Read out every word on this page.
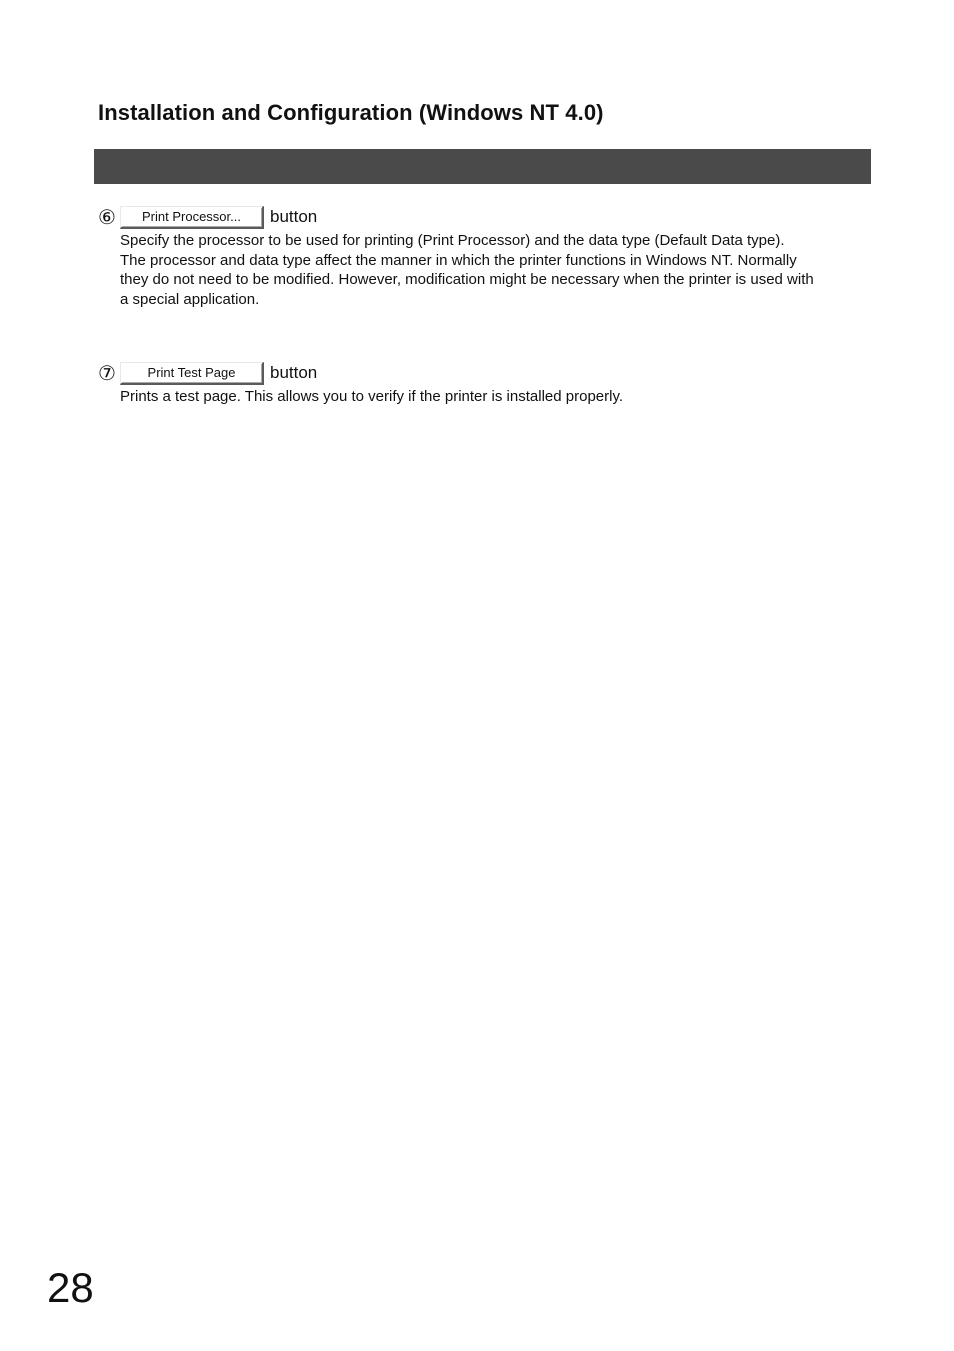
Installation and Configuration (Windows NT 4.0)
⑥	Print Processor...	button
Specify the processor to be used for printing (Print Processor) and the data type (Default Data type).
The processor and data type affect the manner in which the printer functions in Windows NT. Normally
they do not need to be modified. However, modification might be necessary when the printer is used with
a special application.
⑦	Print Test Page	button
Prints a test page. This allows you to verify if the printer is installed properly.
28
